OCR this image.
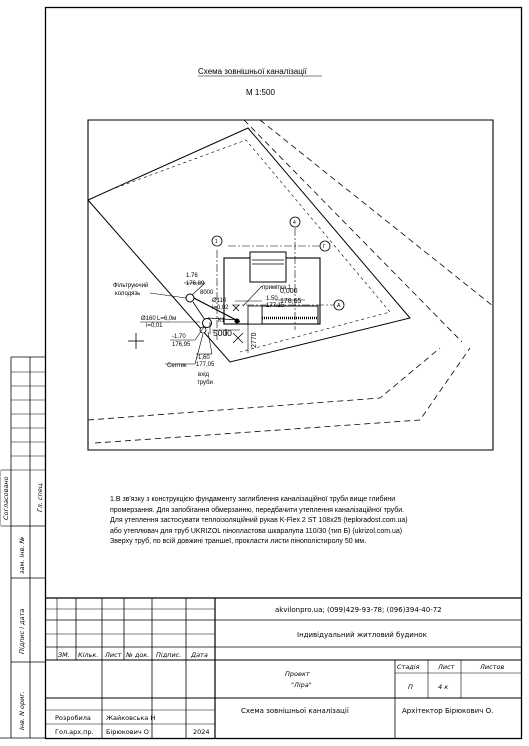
Фільтруючий
колодязь
1.76
176.89
8000
Ø110
i=0,02
примітка 1
1.50
177.15
0,000
178,65
Ø160 L=6,0м
i=0,01
К1
-1,70
176,95
5000
Септик
-1,60
177,05
вхід
труби
1
4
Г
А
2770
Схема зовнішньої каналізації
М 1:500
1.В зв'язку з конструкцією фундаменту заглиблення каналізаційної труби вище глибини
промерзання. Для запобігання обмерзанню, передбачити утеплення каналізаційної труби.
Для утеплення застосувати теплоізоляційний рукав K-Flex 2 ST 108х25 (teploradost.com.ua)
або утеплювач для труб UKRIZOL пінопластова шкаралупа 110/30 (тип Б) (ukrizol.com.ua)
Зверху труб, по всій довжині траншеї, прокласти листи пінополістиролу 50 мм.
akvilonpro.ua; (099)429-93-78; (096)394-40-72
Індивідуальний житловий будинок
ЗМ. Кільк. Лист № док. Підпис. Дата
Проект
"Ліра"
Стадія	Лист	Листов
П	4 к
Схема зовнішньої каналізації	Архітектор Бірюкович О.
Розробила Жайковська Н
Гол.арх.пр. Бірюкович О	2024
Согласовано	Гл. спец.
зам. інв. №
Підпис і дата
Інв. N ориг.
